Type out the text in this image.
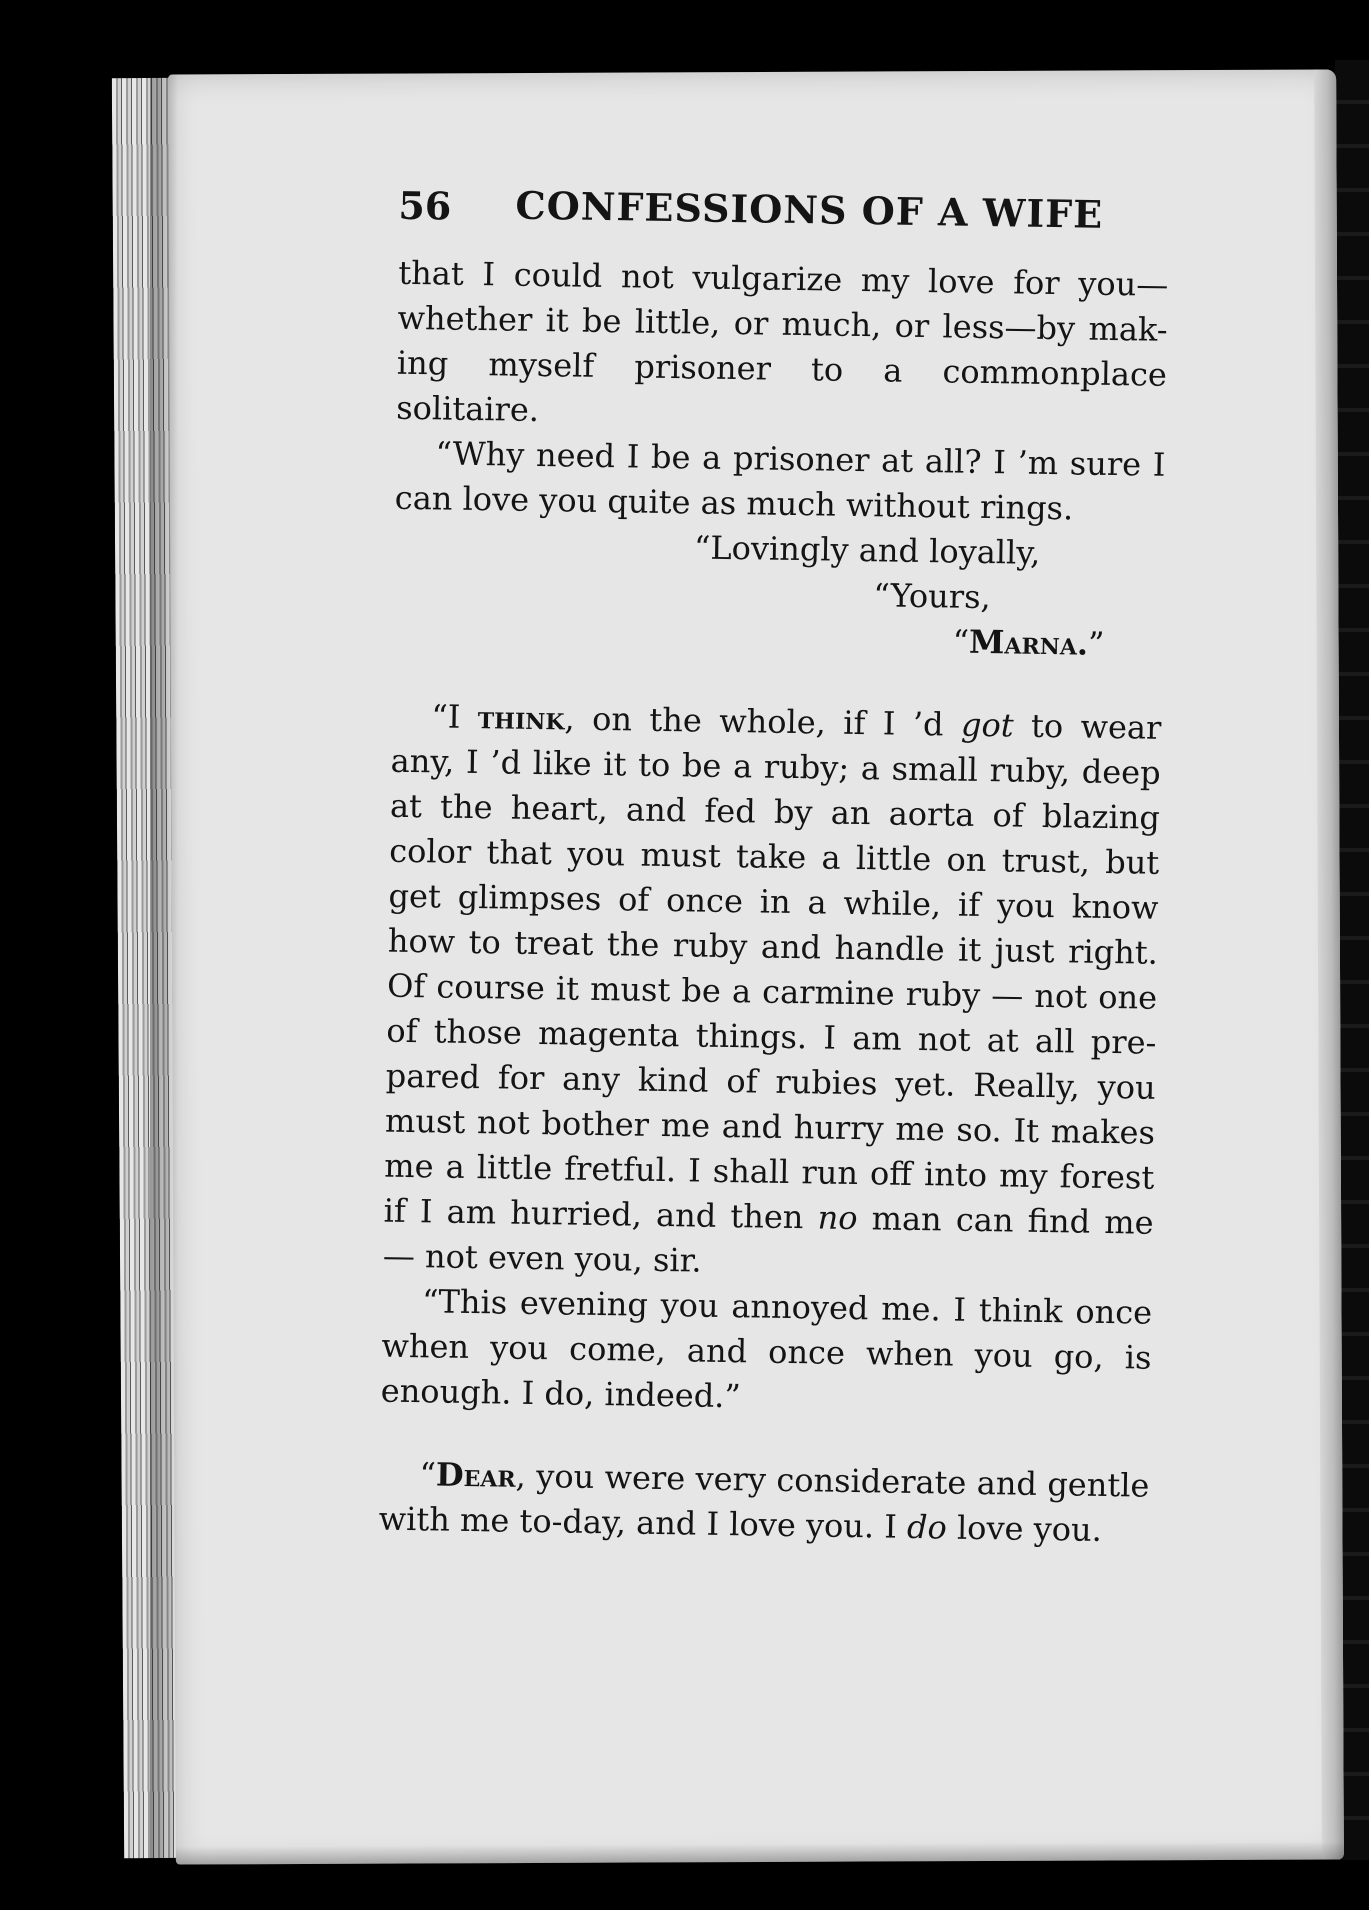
56 CONFESSIONS OF A WIFE

that I could not vulgarize my love for you—whether it be little, or much, or less—by mak-ing myself prisoner to a commonplace solitaire.

“Why need I be a prisoner at all? I ’m sure I can love you quite as much without rings.

“Lovingly and loyally,

“Yours,

“Marna.”

“I think, on the whole, if I ’d got to wear any, I ’d like it to be a ruby; a small ruby, deep at the heart, and fed by an aorta of blazing color that you must take a little on trust, but get glimpses of once in a while, if you know how to treat the ruby and handle it just right. Of course it must be a carmine ruby — not one of those magenta things. I am not at all pre-pared for any kind of rubies yet. Really, you must not bother me and hurry me so. It makes me a little fretful. I shall run off into my forest if I am hurried, and then no man can find me — not even you, sir.

“This evening you annoyed me. I think once when you come, and once when you go, is enough. I do, indeed.”

“Dear, you were very considerate and gentle with me to-day, and I love you. I do love you.
